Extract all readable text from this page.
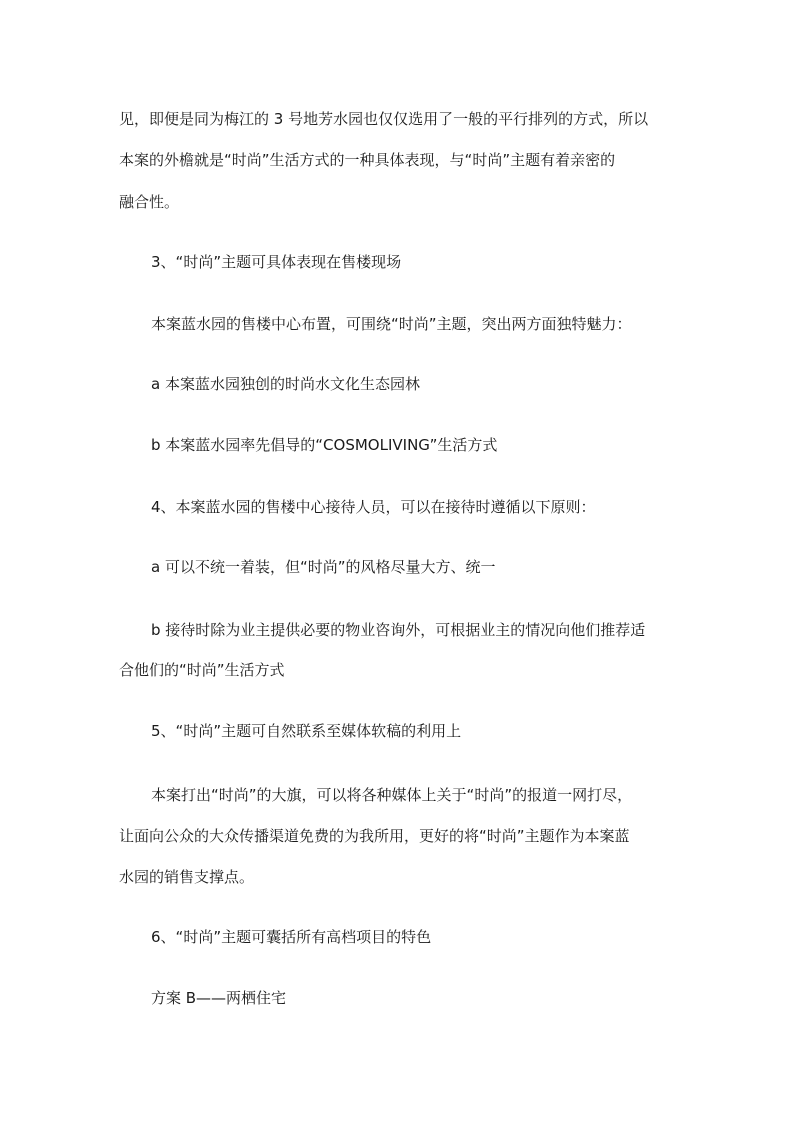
见，即便是同为梅江的 3 号地芳水园也仅仅选用了一般的平行排列的方式，所以
本案的外檐就是“时尚”生活方式的一种具体表现，与“时尚”主题有着亲密的
融合性。
3、“时尚”主题可具体表现在售楼现场
本案蓝水园的售楼中心布置，可围绕“时尚”主题，突出两方面独特魅力：
a 本案蓝水园独创的时尚水文化生态园林
b 本案蓝水园率先倡导的“COSMOLIVING”生活方式
4、本案蓝水园的售楼中心接待人员，可以在接待时遵循以下原则：
a 可以不统一着装，但“时尚”的风格尽量大方、统一
b 接待时除为业主提供必要的物业咨询外，可根据业主的情况向他们推荐适
合他们的“时尚”生活方式
5、“时尚”主题可自然联系至媒体软稿的利用上
本案打出“时尚”的大旗，可以将各种媒体上关于“时尚”的报道一网打尽，
让面向公众的大众传播渠道免费的为我所用，更好的将“时尚”主题作为本案蓝
水园的销售支撑点。
6、“时尚”主题可囊括所有高档项目的特色
方案 B——两栖住宅
